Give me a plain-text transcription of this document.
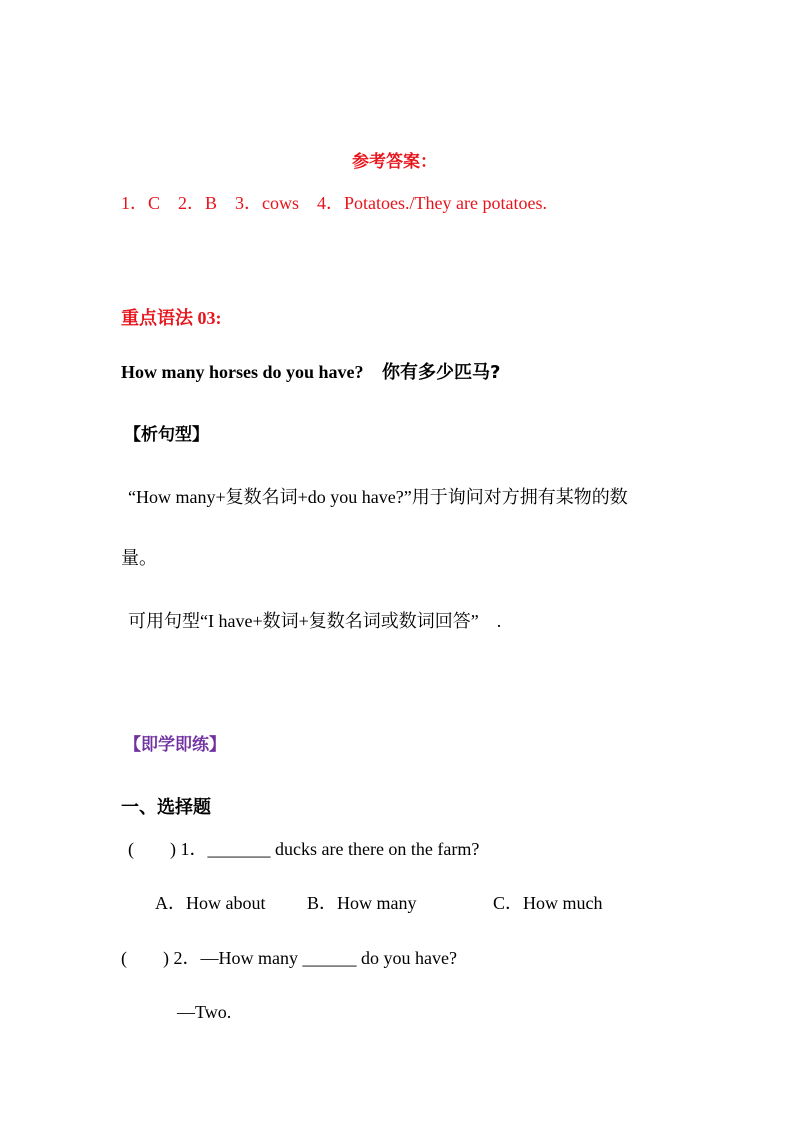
参考答案：
1．C　2．B　3．cows　4．Potatoes./They are potatoes.
重点语法 03:
How many horses do you have? 你有多少匹马?
【析句型】
“How many+复数名词+do you have?”用于询问对方拥有某物的数
量。
可用句型“I have+数词+复数名词或数词回答”　.
【即学即练】
一、选择题
(　　) 1．_______ ducks are there on the farm?
A．How about B．How many	C．How much
(　　) 2．—How many ______ do you have?
—Two.
